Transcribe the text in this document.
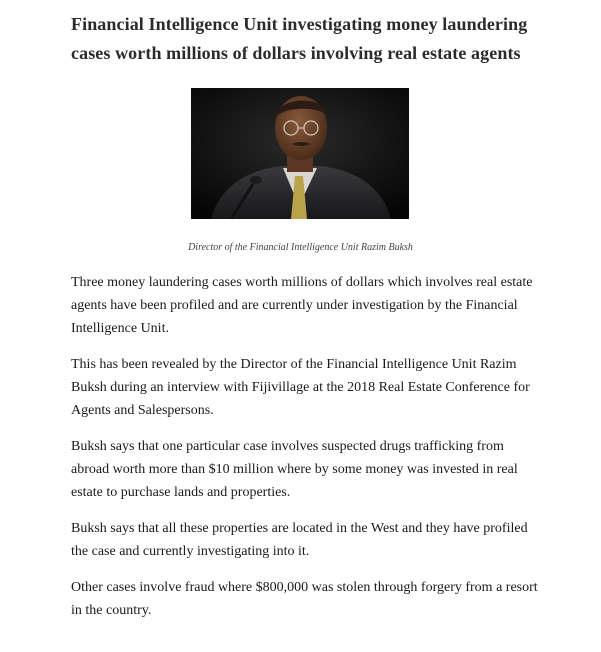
Financial Intelligence Unit investigating money laundering cases worth millions of dollars involving real estate agents

Director of the Financial Intelligence Unit Razim Buksh

Three money laundering cases worth millions of dollars which involves real estate agents have been profiled and are currently under investigation by the Financial Intelligence Unit.

This has been revealed by the Director of the Financial Intelligence Unit Razim Buksh during an interview with Fijivillage at the 2018 Real Estate Conference for Agents and Salespersons.

Buksh says that one particular case involves suspected drugs trafficking from abroad worth more than $10 million where by some money was invested in real estate to purchase lands and properties.

Buksh says that all these properties are located in the West and they have profiled the case and currently investigating into it.

Other cases involve fraud where $800,000 was stolen through forgery from a resort in the country.
